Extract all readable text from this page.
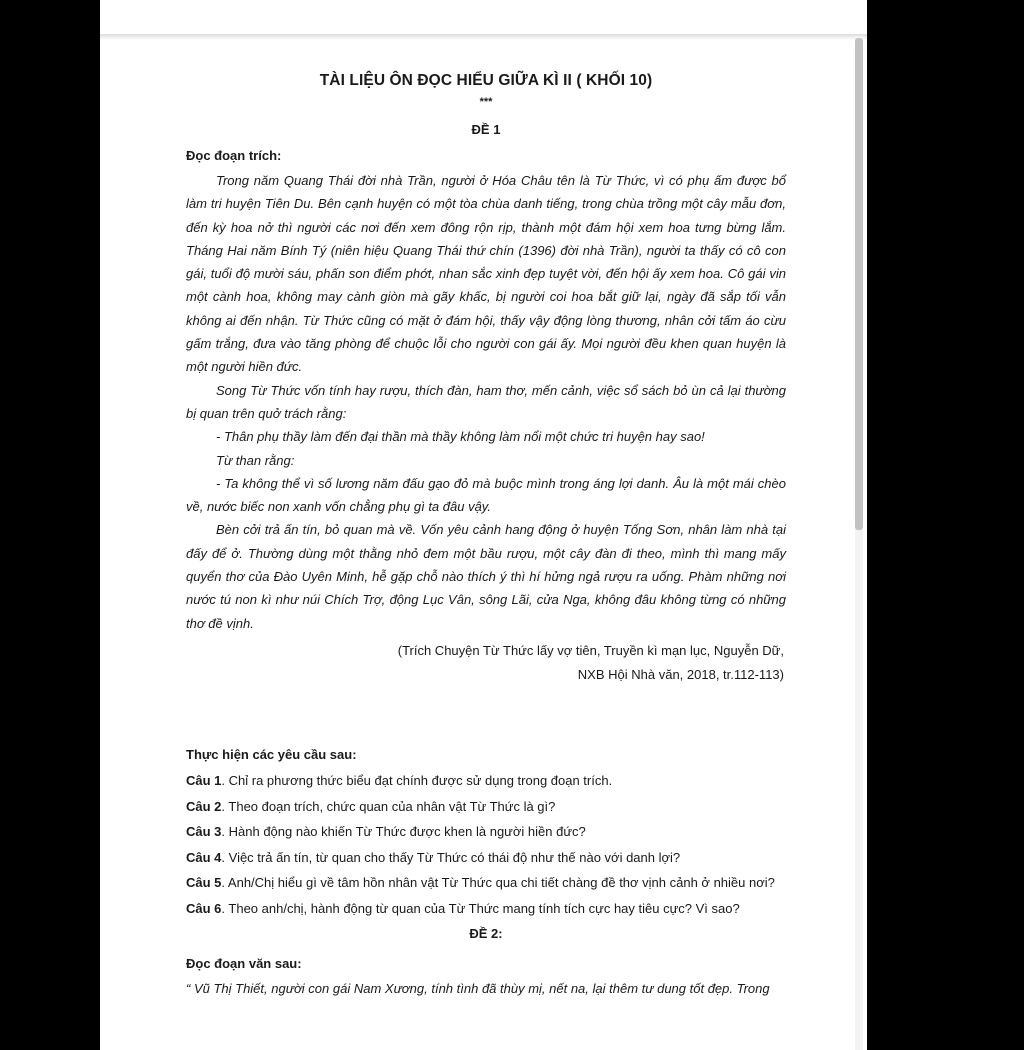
TÀI LIỆU ÔN ĐỌC HIỂU GIỮA KÌ II ( KHỐI 10)
***
ĐỀ 1
Đọc đoạn trích:

Trong năm Quang Thái đời nhà Trần, người ở Hóa Châu tên là Từ Thức, vì có phụ ấm được bổ làm tri huyện Tiên Du. Bên cạnh huyện có một tòa chùa danh tiếng, trong chùa trồng một cây mẫu đơn, đến kỳ hoa nở thì người các nơi đến xem đông rộn rịp, thành một đám hội xem hoa tưng bừng lắm. Tháng Hai năm Bính Tý (niên hiệu Quang Thái thứ chín (1396) đời nhà Trần), người ta thấy có cô con gái, tuổi độ mười sáu, phấn son điểm phớt, nhan sắc xinh đẹp tuyệt vời, đến hội ấy xem hoa. Cô gái vin một cành hoa, không may cành giòn mà gãy khấc, bị người coi hoa bắt giữ lại, ngày đã sắp tối vẫn không ai đến nhận. Từ Thức cũng có mặt ở đám hội, thấy vậy động lòng thương, nhân cởi tấm áo cừu gấm trắng, đưa vào tăng phòng để chuộc lỗi cho người con gái ấy. Mọi người đều khen quan huyện là một người hiền đức.

Song Từ Thức vốn tính hay rượu, thích đàn, ham thơ, mến cảnh, việc sổ sách bỏ ùn cả lại thường bị quan trên quở trách rằng:

- Thân phụ thầy làm đến đại thần mà thầy không làm nổi một chức tri huyện hay sao!

Từ than rằng:

- Ta không thể vì số lương năm đấu gạo đỏ mà buộc mình trong áng lợi danh. Âu là một mái chèo về, nước biếc non xanh vốn chẳng phụ gì ta đâu vậy.

Bèn cởi trả ấn tín, bỏ quan mà về. Vốn yêu cảnh hang động ở huyện Tống Sơn, nhân làm nhà tại đấy để ở. Thường dùng một thằng nhỏ đem một bầu rượu, một cây đàn đi theo, mình thì mang mấy quyển thơ của Đào Uyên Minh, hễ gặp chỗ nào thích ý thì hí hửng ngả rượu ra uống. Phàm những nơi nước tú non kì như núi Chích Trợ, động Lục Vân, sông Lãi, cửa Nga, không đâu không từng có những thơ đề vịnh.

(Trích Chuyện Từ Thức lấy vợ tiên, Truyền kì mạn lục, Nguyễn Dữ,
NXB Hội Nhà văn, 2018, tr.112-113)
Thực hiện các yêu cầu sau:
Câu 1. Chỉ ra phương thức biểu đạt chính được sử dụng trong đoạn trích.
Câu 2. Theo đoạn trích, chức quan của nhân vật Từ Thức là gì?
Câu 3. Hành động nào khiến Từ Thức được khen là người hiền đức?
Câu 4. Việc trả ấn tín, từ quan cho thấy Từ Thức có thái độ như thế nào với danh lợi?
Câu 5. Anh/Chị hiểu gì về tâm hồn nhân vật Từ Thức qua chi tiết chàng đề thơ vịnh cảnh ở nhiều nơi?
Câu 6. Theo anh/chị, hành động từ quan của Từ Thức mang tính tích cực hay tiêu cực? Vì sao?
ĐỀ 2:
Đọc đoạn văn sau:
“ Vũ Thị Thiết, người con gái Nam Xương, tính tình đã thùy mị, nết na, lại thêm tư dung tốt đẹp. Trong
